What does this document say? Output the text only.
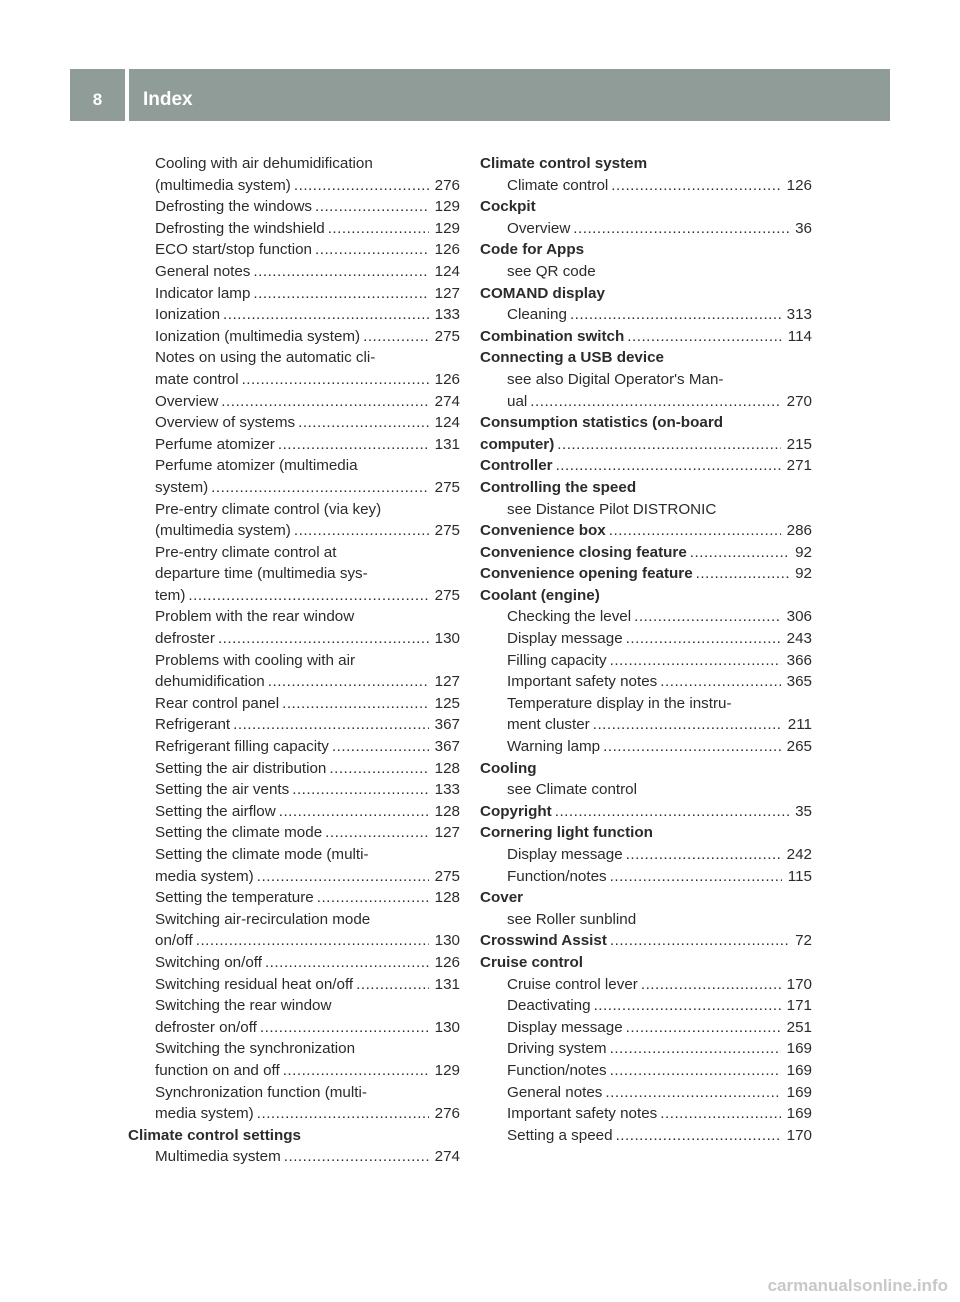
8	Index
Cooling with air dehumidification
(multimedia system) .....	276
Defrosting the windows .....	129
Defrosting the windshield .....	129
ECO start/stop function .....	126
General notes .....	124
Indicator lamp .....	127
Ionization .....	133
Ionization (multimedia system) .....	275
Notes on using the automatic cli-
mate control .....	126
Overview .....	274
Overview of systems .....	124
Perfume atomizer .....	131
Perfume atomizer (multimedia
system) .....	275
Pre-entry climate control (via key)
(multimedia system) .....	275
Pre-entry climate control at
departure time (multimedia sys-
tem) .....	275
Problem with the rear window
defroster .....	130
Problems with cooling with air
dehumidification .....	127
Rear control panel .....	125
Refrigerant .....	367
Refrigerant filling capacity .....	367
Setting the air distribution .....	128
Setting the air vents .....	133
Setting the airflow .....	128
Setting the climate mode .....	127
Setting the climate mode (multi-
media system) .....	275
Setting the temperature .....	128
Switching air-recirculation mode
on/off .....	130
Switching on/off .....	126
Switching residual heat on/off .....	131
Switching the rear window
defroster on/off .....	130
Switching the synchronization
function on and off .....	129
Synchronization function (multi-
media system) .....	276
Climate control settings
Multimedia system .....	274
Climate control system
Climate control .....	126
Cockpit
Overview .....	36
Code for Apps
see QR code
COMAND display
Cleaning .....	313
Combination switch .....	114
Connecting a USB device
see also Digital Operator's Man-
ual .....	270
Consumption statistics (on-board
computer) .....	215
Controller .....	271
Controlling the speed
see Distance Pilot DISTRONIC
Convenience box .....	286
Convenience closing feature .....	92
Convenience opening feature .....	92
Coolant (engine)
Checking the level .....	306
Display message .....	243
Filling capacity .....	366
Important safety notes .....	365
Temperature display in the instru-
ment cluster .....	211
Warning lamp .....	265
Cooling
see Climate control
Copyright .....	35
Cornering light function
Display message .....	242
Function/notes .....	115
Cover
see Roller sunblind
Crosswind Assist .....	72
Cruise control
Cruise control lever .....	170
Deactivating .....	171
Display message .....	251
Driving system .....	169
Function/notes .....	169
General notes .....	169
Important safety notes .....	169
Setting a speed .....	170
carmanualsonline.info
